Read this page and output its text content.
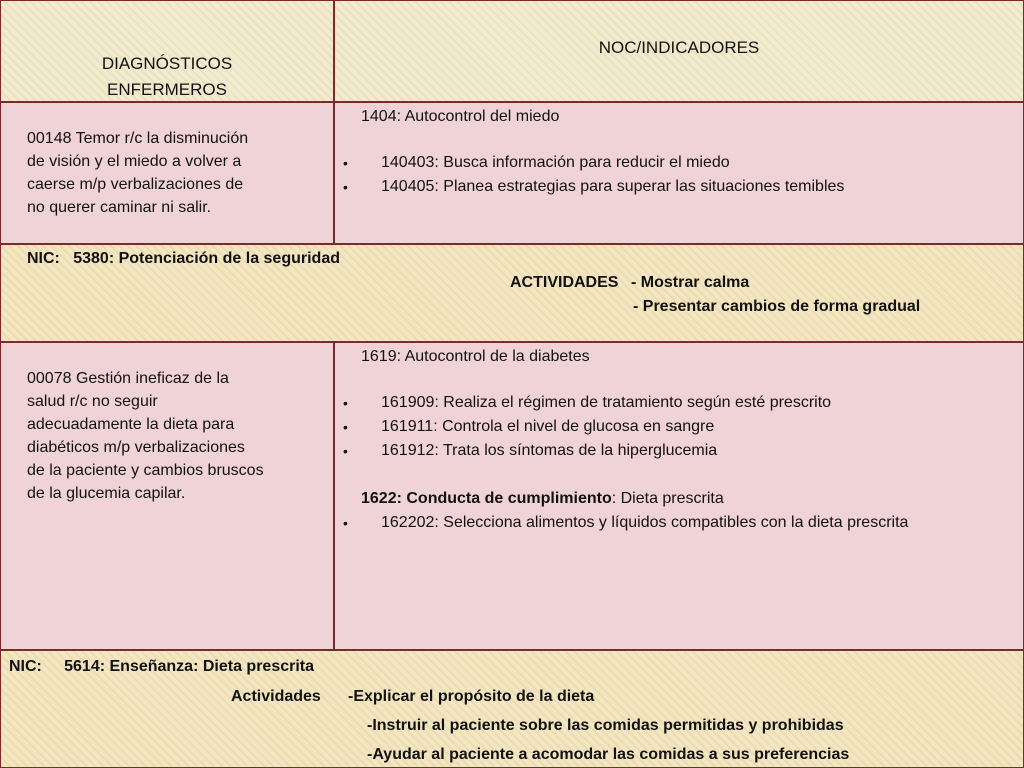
DIAGNÓSTICOS
ENFERMEROS
NOC/INDICADORES
00148 Temor r/c la disminución
de visión y el miedo a volver a
caerse m/p verbalizaciones de
no querer caminar ni salir.
1404: Autocontrol del miedo
• 140403: Busca información para reducir el miedo
• 140405: Planea estrategias para superar las situaciones temibles
NIC: 5380: Potenciación de la seguridad
ACTIVIDADES - Mostrar calma
- Presentar cambios de forma gradual
00078 Gestión ineficaz de la
salud r/c no seguir
adecuadamente la dieta para
diabéticos m/p verbalizaciones
de la paciente y cambios bruscos
de la glucemia capilar.
1619: Autocontrol de la diabetes
• 161909: Realiza el régimen de tratamiento según esté prescrito
• 161911: Controla el nivel de glucosa en sangre
• 161912: Trata los síntomas de la hiperglucemia
1622: Conducta de cumplimiento: Dieta prescrita
• 162202: Selecciona alimentos y líquidos compatibles con la dieta prescrita
NIC: 5614: Enseñanza: Dieta prescrita
Actividades -Explicar el propósito de la dieta
-Instruir al paciente sobre las comidas permitidas y prohibidas
-Ayudar al paciente a acomodar las comidas a sus preferencias
